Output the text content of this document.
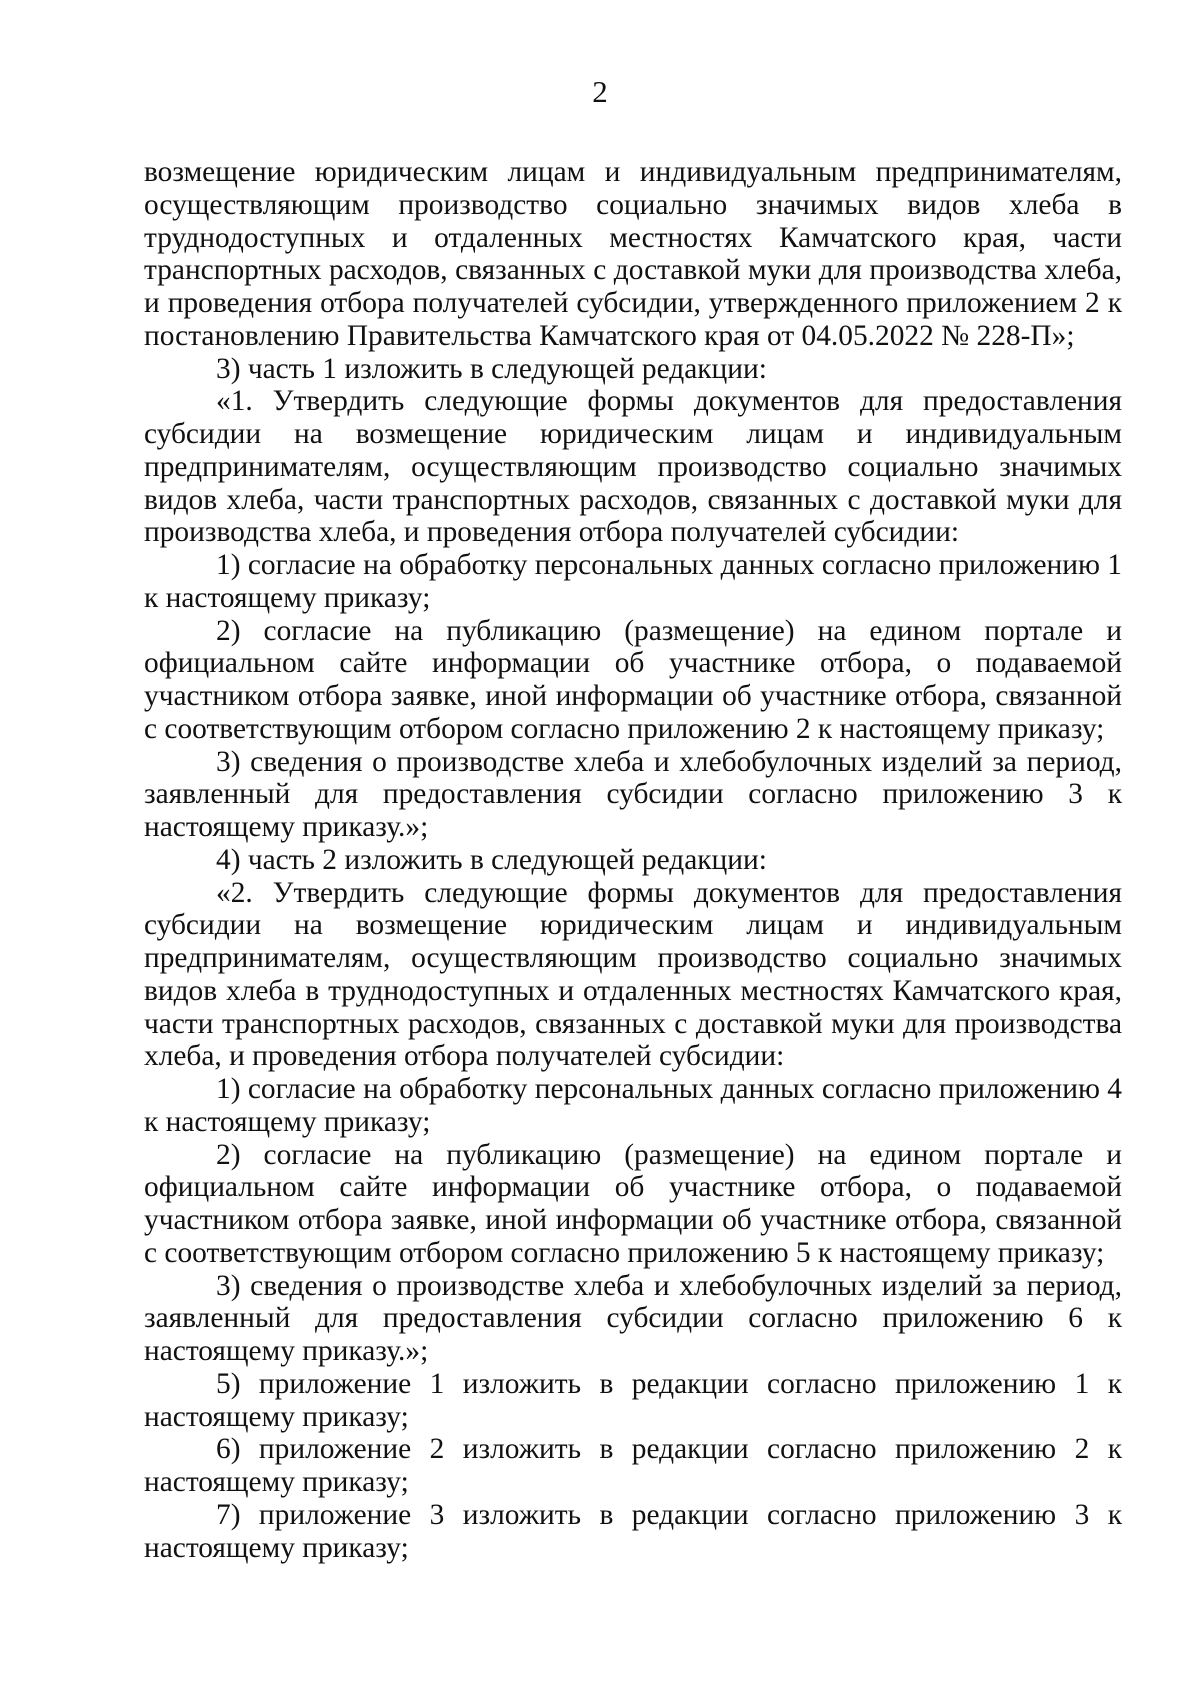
2

возмещение юридическим лицам и индивидуальным предпринимателям, осуществляющим производство социально значимых видов хлеба в труднодоступных и отдаленных местностях Камчатского края, части транспортных расходов, связанных с доставкой муки для производства хлеба, и проведения отбора получателей субсидии, утвержденного приложением 2 к постановлению Правительства Камчатского края от 04.05.2022 № 228-П»;

3) часть 1 изложить в следующей редакции:

«1. Утвердить следующие формы документов для предоставления субсидии на возмещение юридическим лицам и индивидуальным предпринимателям, осуществляющим производство социально значимых видов хлеба, части транспортных расходов, связанных с доставкой муки для производства хлеба, и проведения отбора получателей субсидии:

1) согласие на обработку персональных данных согласно приложению 1 к настоящему приказу;

2) согласие на публикацию (размещение) на едином портале и официальном сайте информации об участнике отбора, о подаваемой участником отбора заявке, иной информации об участнике отбора, связанной с соответствующим отбором согласно приложению 2 к настоящему приказу;

3) сведения о производстве хлеба и хлебобулочных изделий за период, заявленный для предоставления субсидии согласно приложению 3 к настоящему приказу.»;

4) часть 2 изложить в следующей редакции:

«2. Утвердить следующие формы документов для предоставления субсидии на возмещение юридическим лицам и индивидуальным предпринимателям, осуществляющим производство социально значимых видов хлеба в труднодоступных и отдаленных местностях Камчатского края, части транспортных расходов, связанных с доставкой муки для производства хлеба, и проведения отбора получателей субсидии:

1) согласие на обработку персональных данных согласно приложению 4 к настоящему приказу;

2) согласие на публикацию (размещение) на едином портале и официальном сайте информации об участнике отбора, о подаваемой участником отбора заявке, иной информации об участнике отбора, связанной с соответствующим отбором согласно приложению 5 к настоящему приказу;

3) сведения о производстве хлеба и хлебобулочных изделий за период, заявленный для предоставления субсидии согласно приложению 6 к настоящему приказу.»;

5) приложение 1 изложить в редакции согласно приложению 1 к настоящему приказу;

6) приложение 2 изложить в редакции согласно приложению 2 к настоящему приказу;

7) приложение 3 изложить в редакции согласно приложению 3 к настоящему приказу;
